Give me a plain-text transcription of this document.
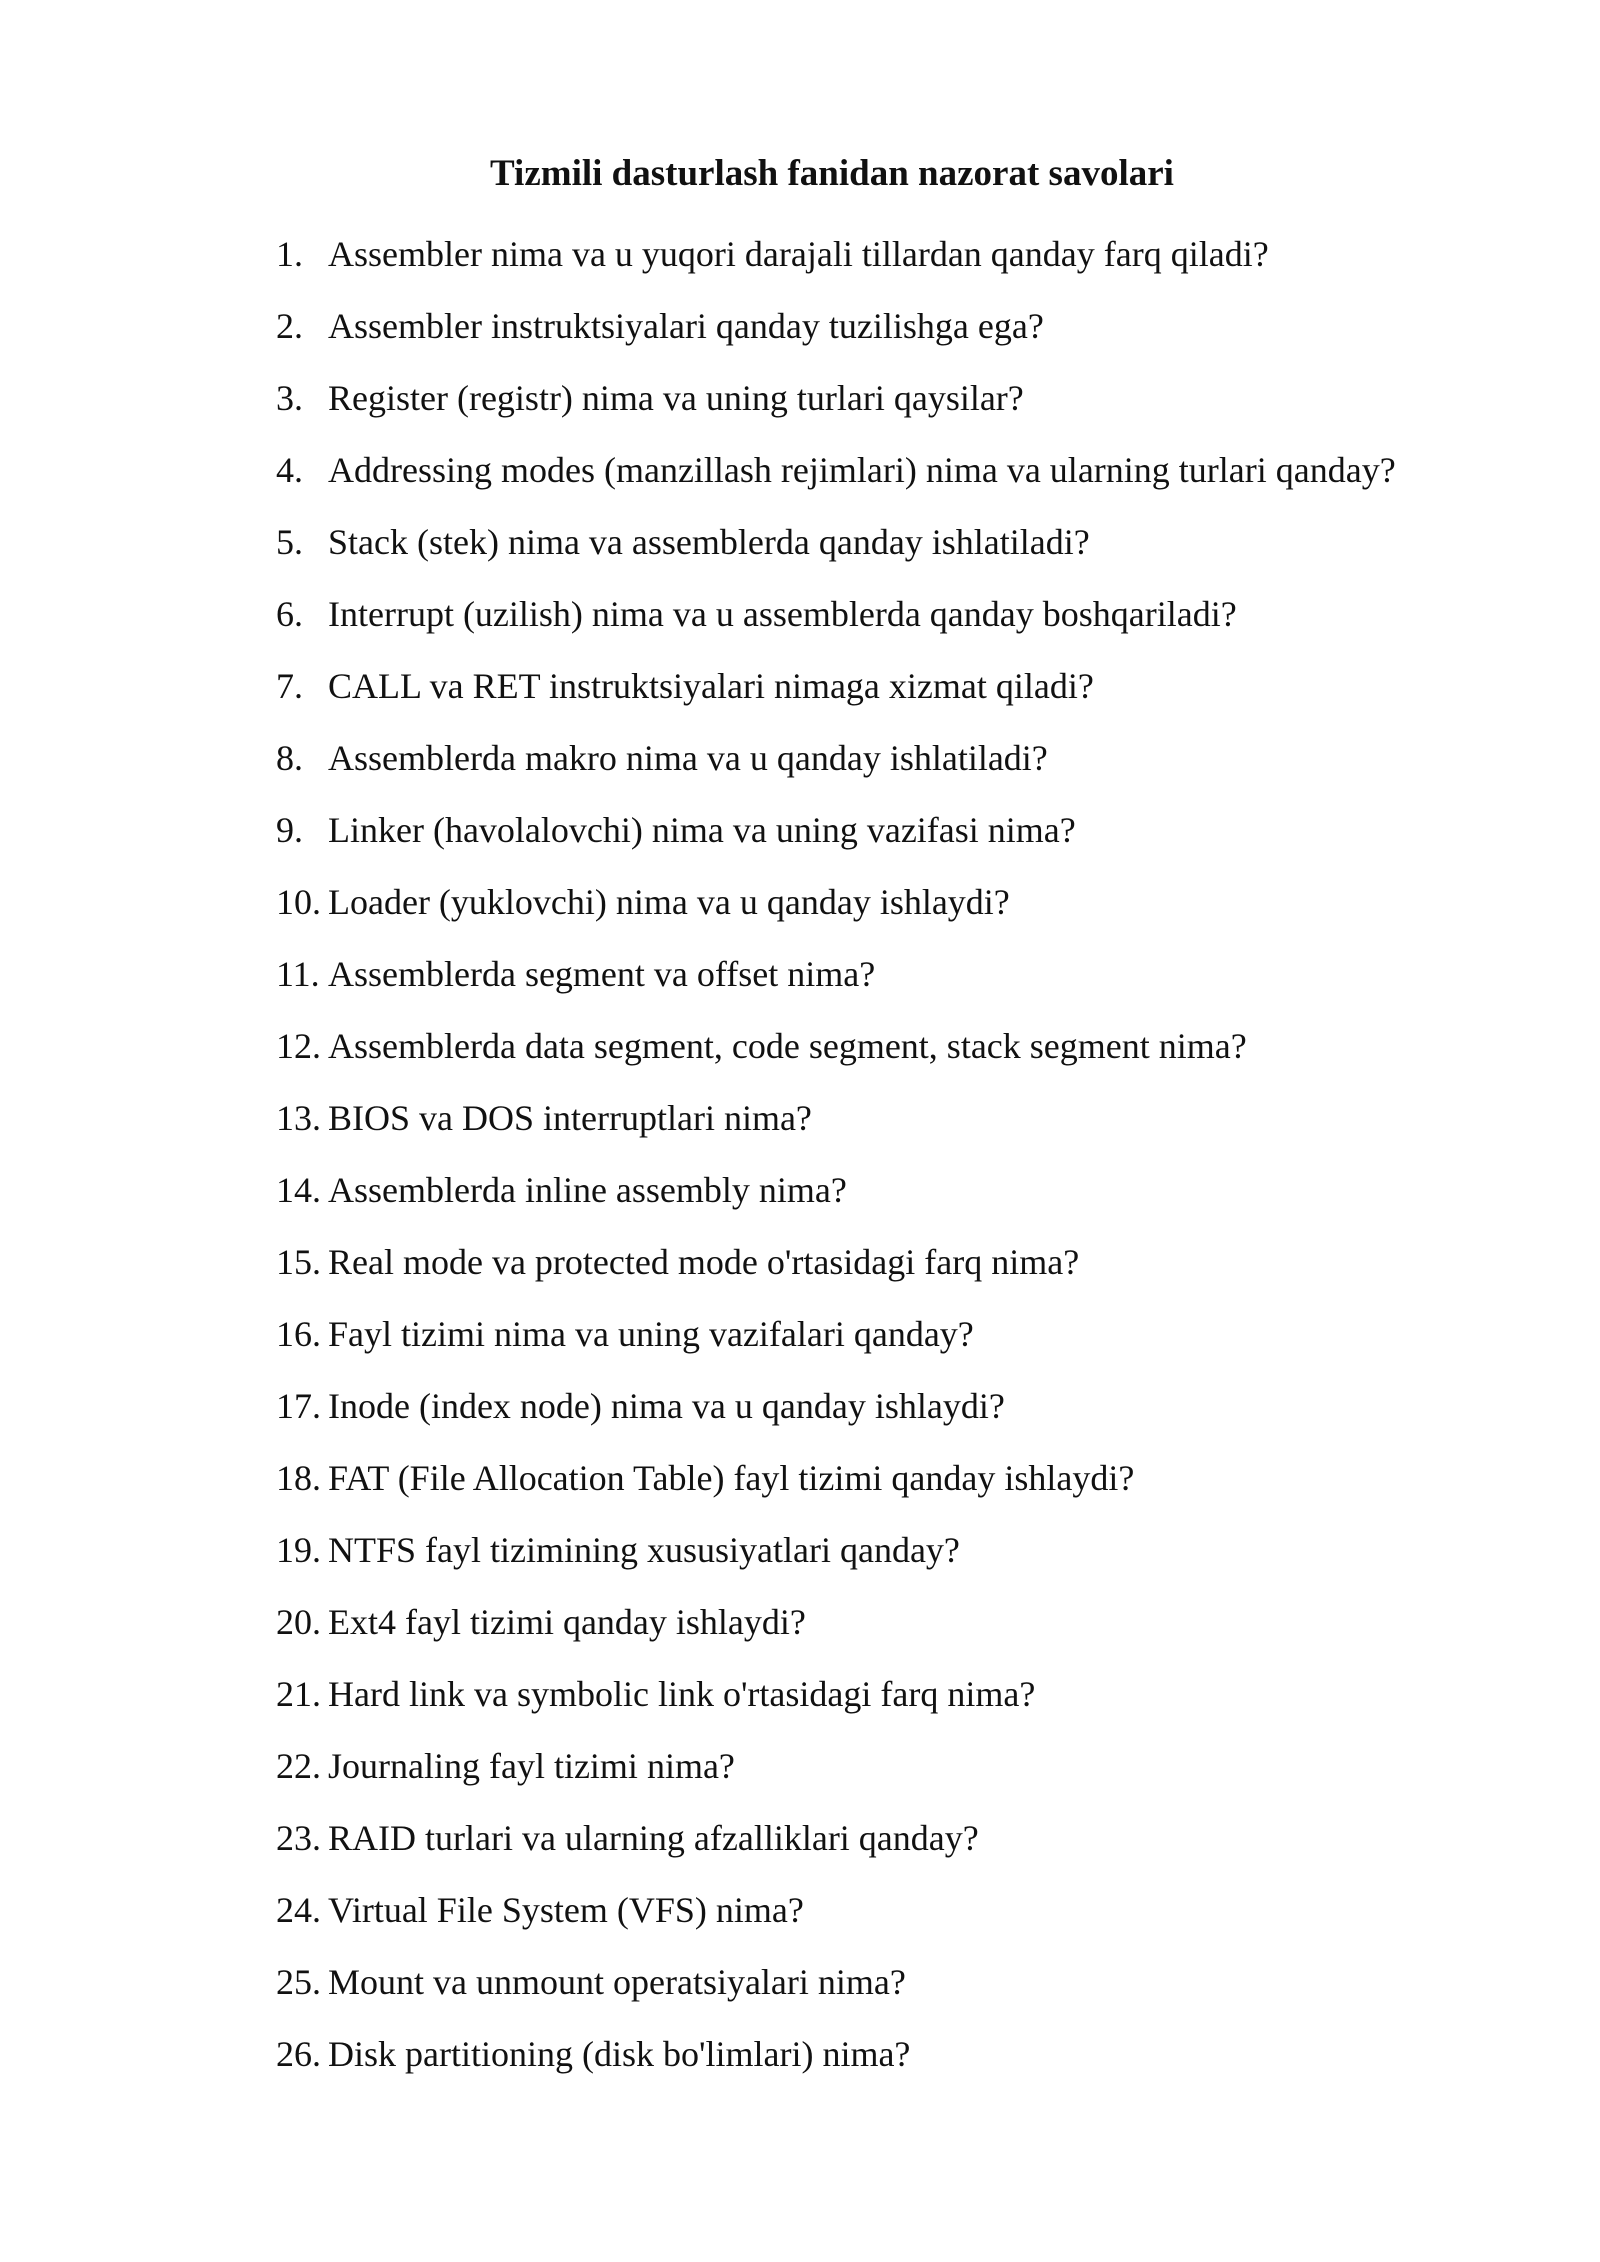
Tizmili dasturlash fanidan nazorat savolari
1. Assembler nima va u yuqori darajali tillardan qanday farq qiladi?
2. Assembler instruktsiyalari qanday tuzilishga ega?
3. Register (registr) nima va uning turlari qaysilar?
4. Addressing modes (manzillash rejimlari) nima va ularning turlari qanday?
5. Stack (stek) nima va assemblerda qanday ishlatiladi?
6. Interrupt (uzilish) nima va u assemblerda qanday boshqariladi?
7. CALL va RET instruktsiyalari nimaga xizmat qiladi?
8. Assemblerda makro nima va u qanday ishlatiladi?
9. Linker (havolalovchi) nima va uning vazifasi nima?
10. Loader (yuklovchi) nima va u qanday ishlaydi?
11. Assemblerda segment va offset nima?
12. Assemblerda data segment, code segment, stack segment nima?
13. BIOS va DOS interruptlari nima?
14. Assemblerda inline assembly nima?
15. Real mode va protected mode o'rtasidagi farq nima?
16. Fayl tizimi nima va uning vazifalari qanday?
17. Inode (index node) nima va u qanday ishlaydi?
18. FAT (File Allocation Table) fayl tizimi qanday ishlaydi?
19. NTFS fayl tizimining xususiyatlari qanday?
20. Ext4 fayl tizimi qanday ishlaydi?
21. Hard link va symbolic link o'rtasidagi farq nima?
22. Journaling fayl tizimi nima?
23. RAID turlari va ularning afzalliklari qanday?
24. Virtual File System (VFS) nima?
25. Mount va unmount operatsiyalari nima?
26. Disk partitioning (disk bo'limlari) nima?
